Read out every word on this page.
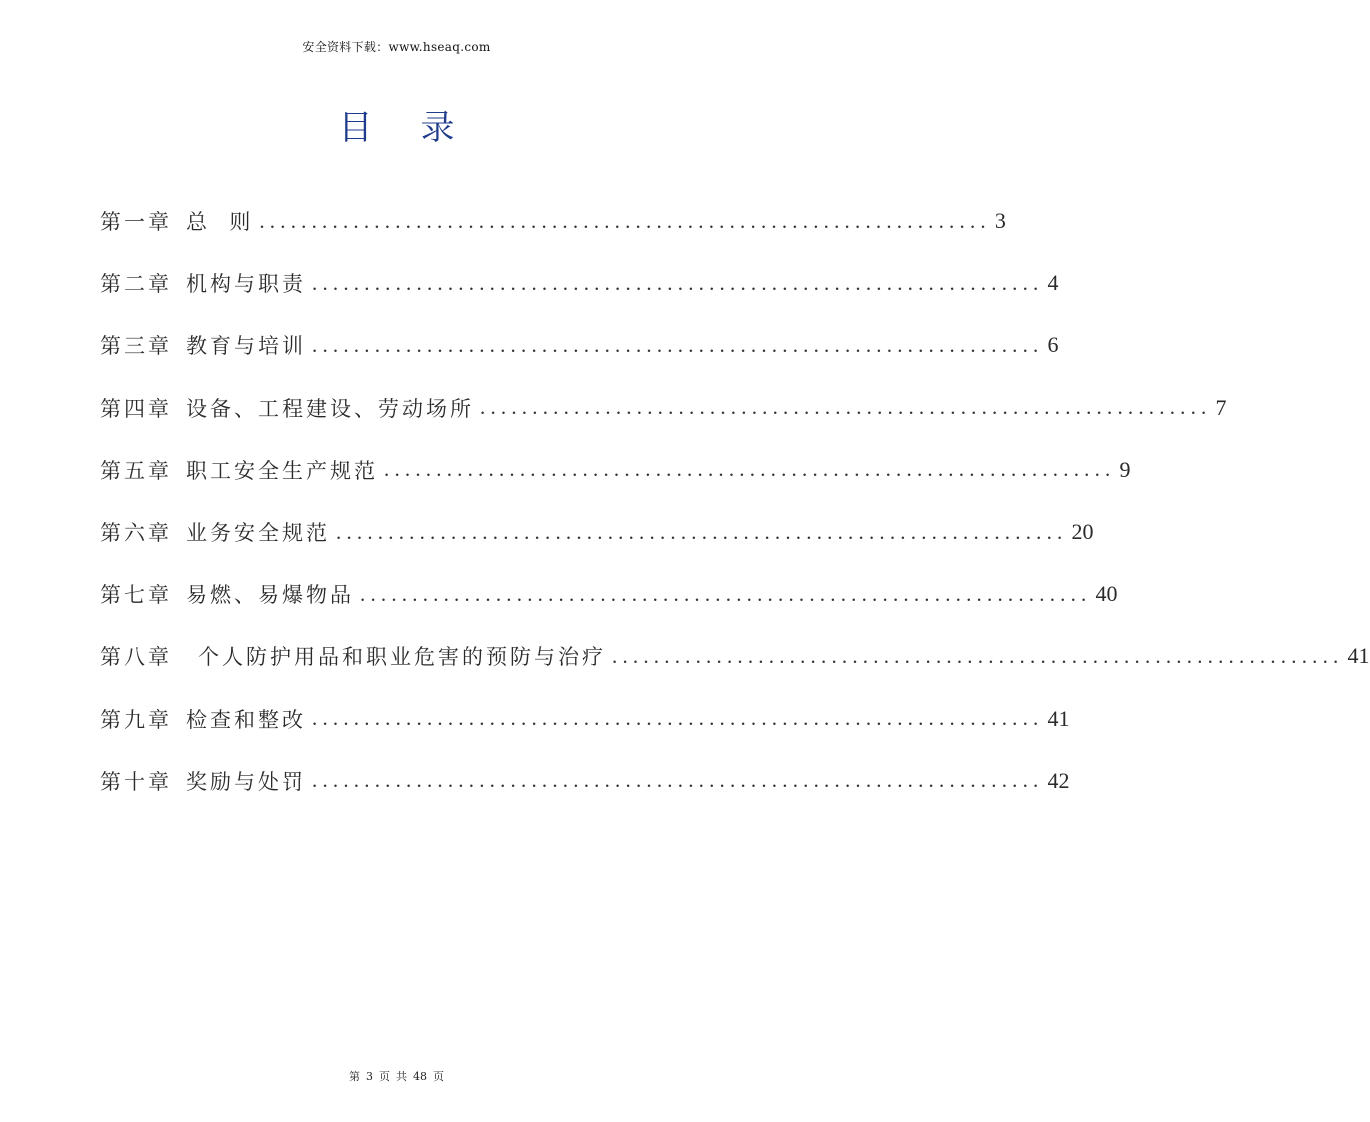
安全资料下载：www.hseaq.com
目 录
第一章 总  则 ...................................................................... 3
第二章 机构与职责 ...................................................................... 4
第三章 教育与培训 ...................................................................... 6
第四章 设备、工程建设、劳动场所 ...................................................................... 7
第五章 职工安全生产规范 ...................................................................... 9
第六章 业务安全规范 ...................................................................... 20
第七章 易燃、易爆物品 ...................................................................... 40
第八章 个人防护用品和职业危害的预防与治疗 ...................................................................... 41
第九章 检查和整改 ...................................................................... 41
第十章 奖励与处罚 ...................................................................... 42
第 3 页 共 48 页
